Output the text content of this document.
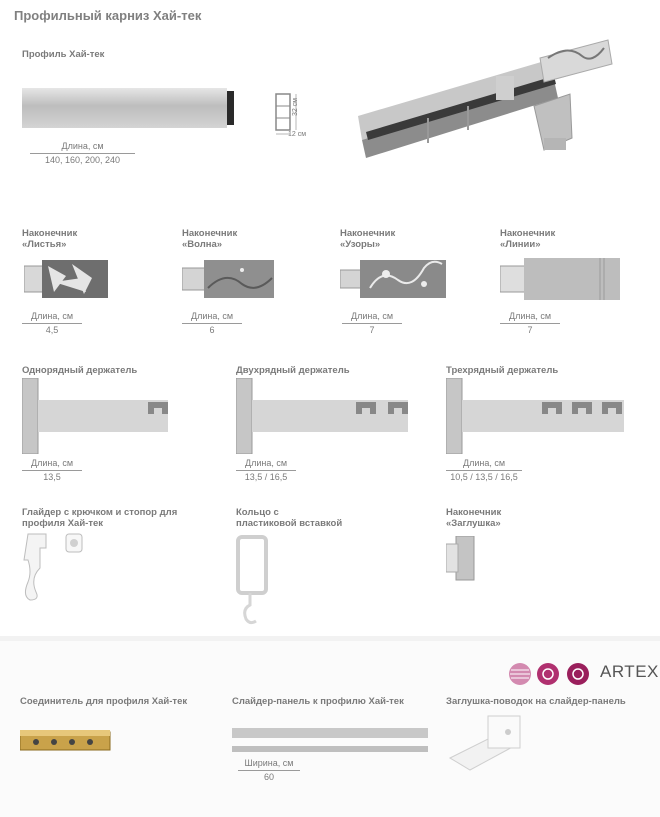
Профильный карниз Хай-тек
Профиль Хай-тек
Длина, см
140, 160, 200, 240
32 см
12 см
Наконечник
«Листья»
Длина, см
4,5
Наконечник
«Волна»
Длина, см
6
Наконечник
«Узоры»
Длина, см
7
Наконечник
«Линии»
Длина, см
7
Однорядный держатель
Длина, см
13,5
Двухрядный держатель
Длина, см
13,5 / 16,5
Трехрядный держатель
Длина, см
10,5 / 13,5 / 16,5
Глайдер с крючком и стопор для
профиля Хай-тек
Кольцо с
пластиковой вставкой
Наконечник
«Заглушка»
ARTEX
Соединитель для профиля Хай-тек	Слайдер-панель к профилю Хай-тек
Ширина, см
60
Заглушка-поводок на слайдер-панель
